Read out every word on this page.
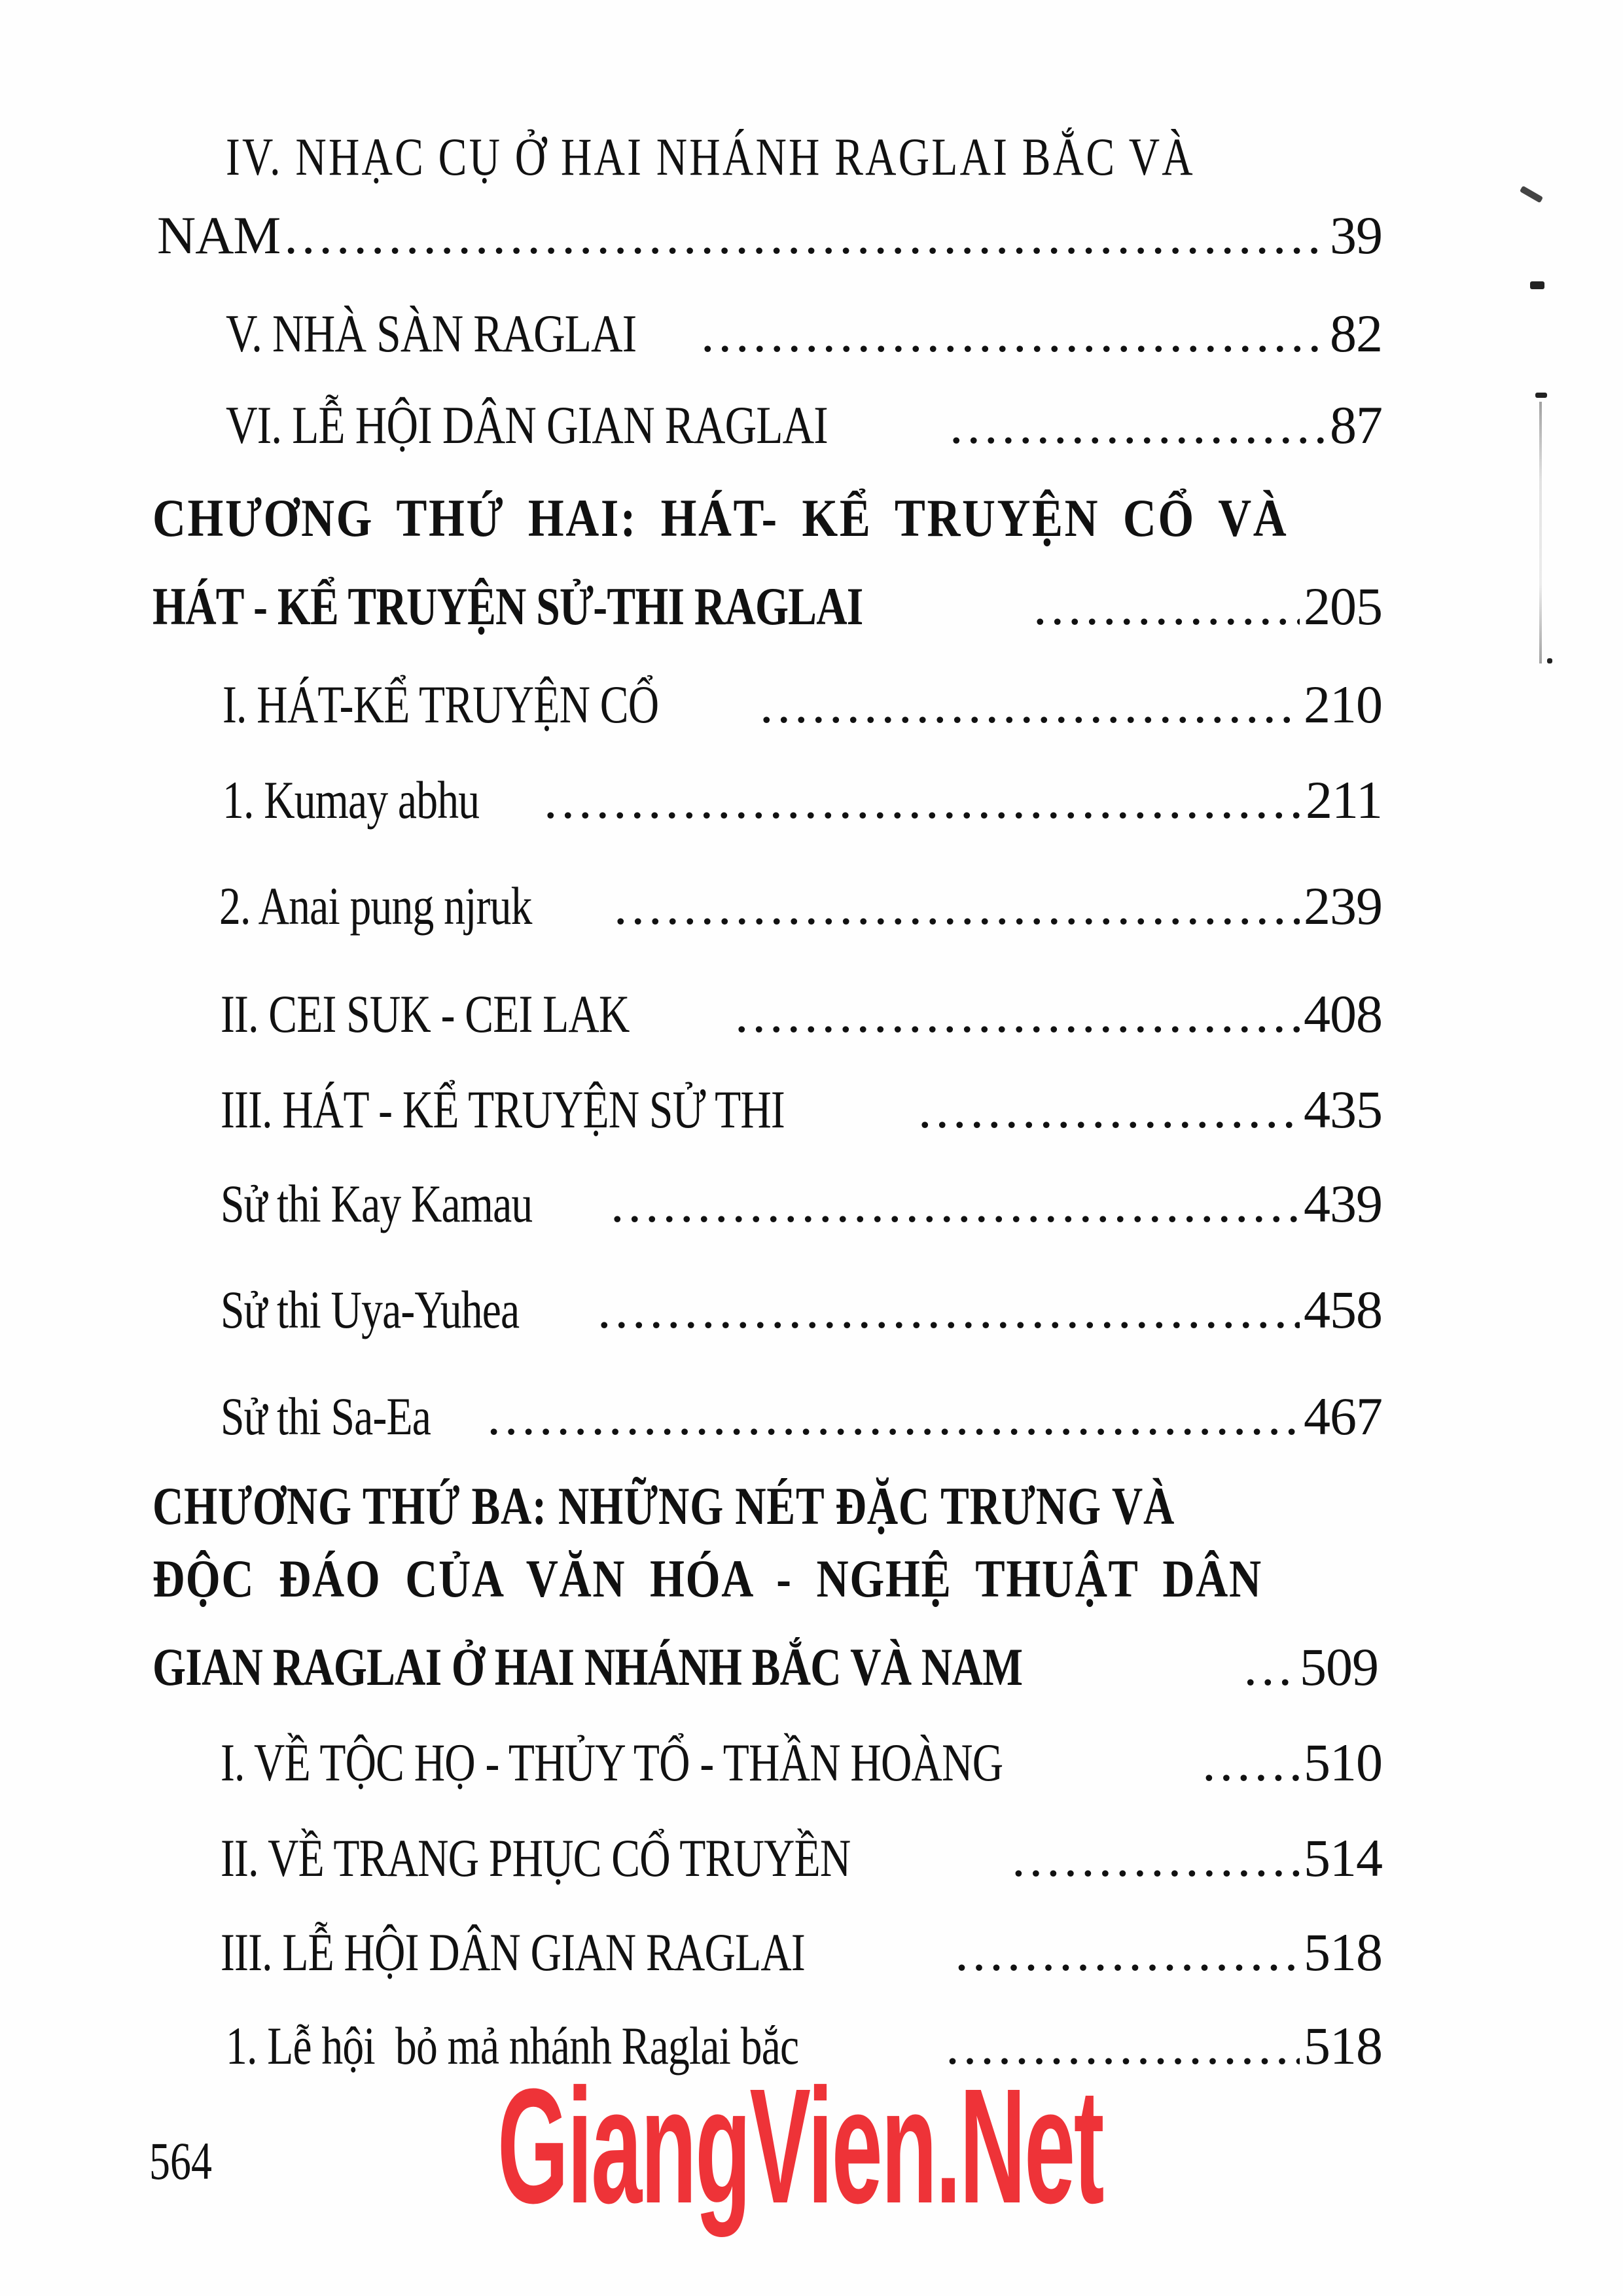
IV. NHẠC CỤ Ở HAI NHÁNH RAGLAI BẮC VÀ
NAM .....	39
V. NHÀ SÀN RAGLAI .....	82
VI. LỄ HỘI DÂN GIAN RAGLAI .....	87
CHƯƠNG THỨ HAI: HÁT- KỂ TRUYỆN CỔ VÀ
HÁT - KỂ TRUYỆN SỬ-THI RAGLAI .....	205
I. HÁT-KỂ TRUYỆN CỔ .....	210
1. Kumay abhu .....	211
2. Anai pung njruk .....	239
II. CEI SUK - CEI LAK .....	408
III. HÁT - KỂ TRUYỆN SỬ THI .....	435
Sử thi Kay Kamau .....	439
Sử thi Uya-Yuhea .....	458
Sử thi Sa-Ea .....	467
CHƯƠNG THỨ BA: NHỮNG NÉT ĐẶC TRƯNG VÀ
ĐỘC ĐÁO CỦA VĂN HÓA - NGHỆ THUẬT DÂN
GIAN RAGLAI Ở HAI NHÁNH BẮC VÀ NAM .....	509
I. VỀ TỘC HỌ - THỦY TỔ - THẦN HOÀNG .....	510
II. VỀ TRANG PHỤC CỔ TRUYỀN .....	514
III. LỄ HỘI DÂN GIAN RAGLAI .....	518
1. Lễ hội  bỏ mả nhánh Raglai bắc .....	518
564 GiangVien.Net
